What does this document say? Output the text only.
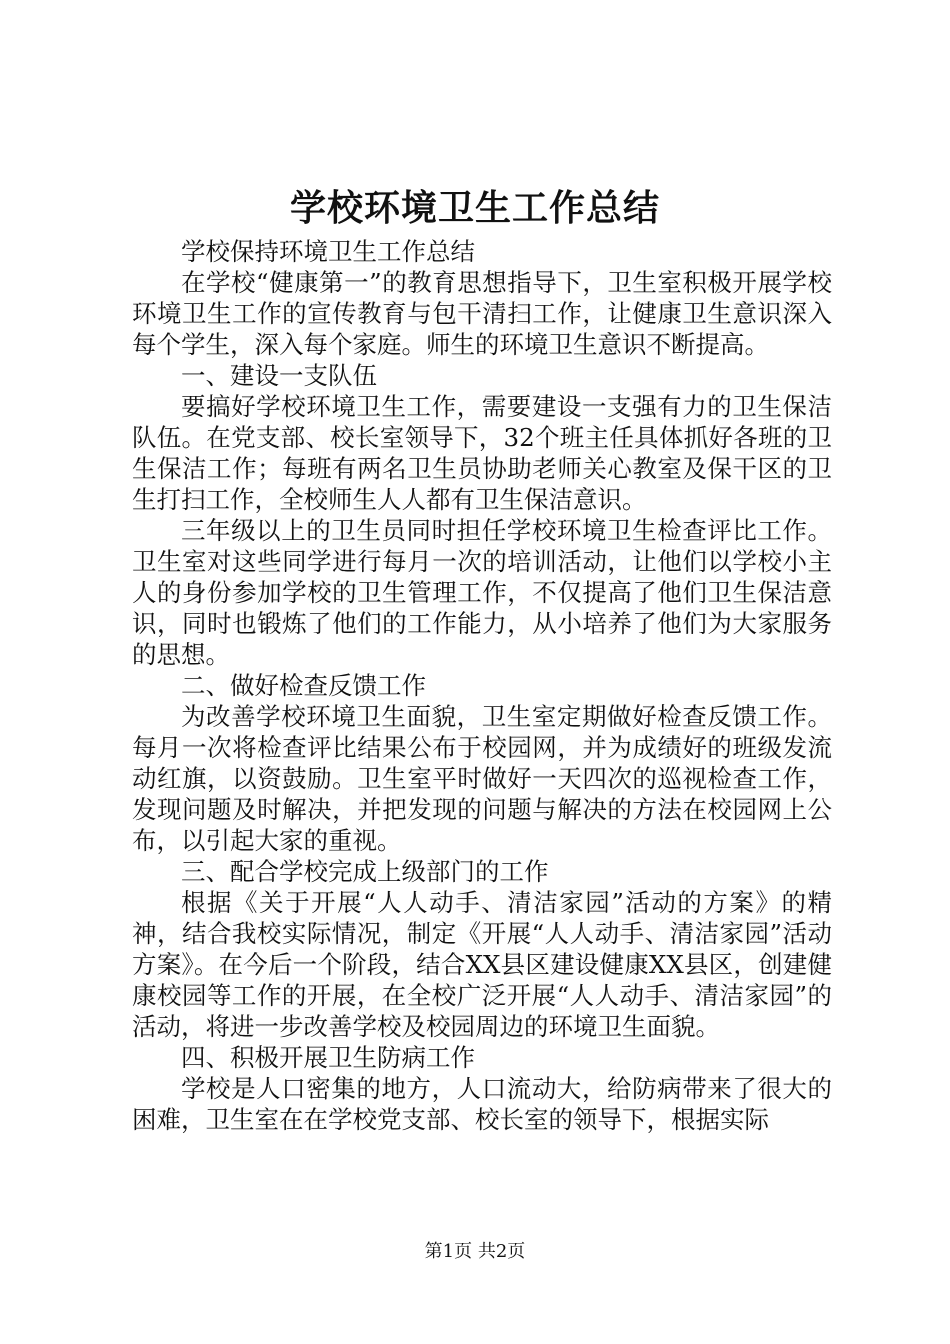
学校环境卫生工作总结

学校保持环境卫生工作总结

在学校“健康第一”的教育思想指导下，卫生室积极开展学校环境卫生工作的宣传教育与包干清扫工作，让健康卫生意识深入每个学生，深入每个家庭。师生的环境卫生意识不断提高。

一、建设一支队伍

要搞好学校环境卫生工作，需要建设一支强有力的卫生保洁队伍。在党支部、校长室领导下，32个班主任具体抓好各班的卫生保洁工作；每班有两名卫生员协助老师关心教室及保干区的卫生打扫工作，全校师生人人都有卫生保洁意识。

三年级以上的卫生员同时担任学校环境卫生检查评比工作。卫生室对这些同学进行每月一次的培训活动，让他们以学校小主人的身份参加学校的卫生管理工作，不仅提高了他们卫生保洁意识，同时也锻炼了他们的工作能力，从小培养了他们为大家服务的思想。

二、做好检查反馈工作

为改善学校环境卫生面貌，卫生室定期做好检查反馈工作。每月一次将检查评比结果公布于校园网，并为成绩好的班级发流动红旗，以资鼓励。卫生室平时做好一天四次的巡视检查工作，发现问题及时解决，并把发现的问题与解决的方法在校园网上公布，以引起大家的重视。

三、配合学校完成上级部门的工作

根据《关于开展“人人动手、清洁家园”活动的方案》的精神，结合我校实际情况，制定《开展“人人动手、清洁家园”活动方案》。在今后一个阶段，结合XX县区建设健康XX县区，创建健康校园等工作的开展，在全校广泛开展“人人动手、清洁家园”的活动，将进一步改善学校及校园周边的环境卫生面貌。

四、积极开展卫生防病工作

学校是人口密集的地方，人口流动大，给防病带来了很大的困难，卫生室在在学校党支部、校长室的领导下，根据实际

第1页 共2页
